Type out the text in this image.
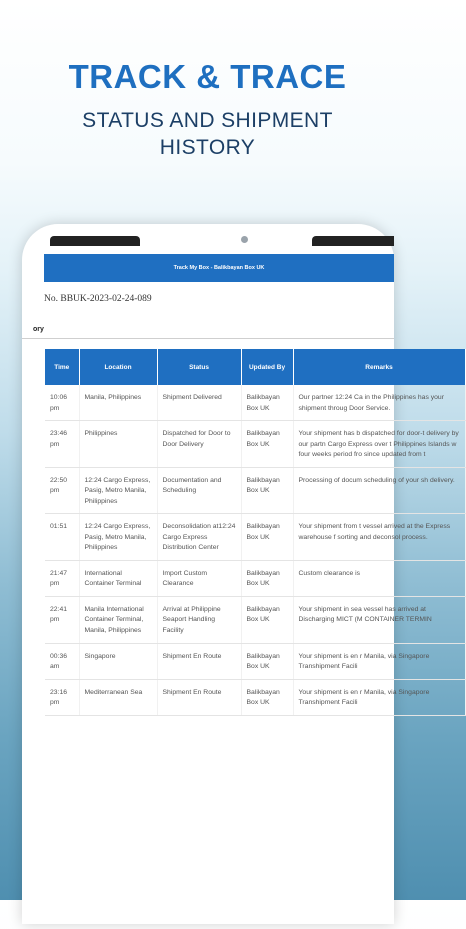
TRACK & TRACE
STATUS AND SHIPMENT
HISTORY
Track My Box - Balikbayan Box UK
No. BBUK-2023-02-24-089
ory
Time	Location	Status	Updated By	Remarks
10:06 pm	Manila, Philippines	Shipment Delivered	Balikbayan Box UK	Our partner 12:24 Ca in the Philippines has your shipment throug Door Service.
23:46 pm	Philippines	Dispatched for Door to Door Delivery	Balikbayan Box UK	Your shipment has b dispatched for door-t delivery by our partn Cargo Express over t Philippines Islands w four weeks period fro since updated from t
22:50 pm	12:24 Cargo Express, Pasig, Metro Manila, Philippines	Documentation and Scheduling	Balikbayan Box UK	Processing of docum scheduling of your sh delivery.
01:51	12:24 Cargo Express, Pasig, Metro Manila, Philippines	Deconsolidation at12:24 Cargo Express Distribution Center	Balikbayan Box UK	Your shipment from t vessel arrived at the Express warehouse f sorting and deconsol process.
21:47 pm	International Container Terminal	Import Custom Clearance	Balikbayan Box UK	Custom clearance is
22:41 pm	Manila International Container Terminal, Manila, Philippines	Arrival at Philippine Seaport Handling Facility	Balikbayan Box UK	Your shipment in sea vessel has arrived at Discharging MICT (M CONTAINER TERMIN
00:36 am	Singapore	Shipment En Route	Balikbayan Box UK	Your shipment is en r Manila, via Singapore Transhipment Facili
23:16 pm	Mediterranean Sea	Shipment En Route	Balikbayan Box UK	Your shipment is en r Manila, via Singapore Transhipment Facili
